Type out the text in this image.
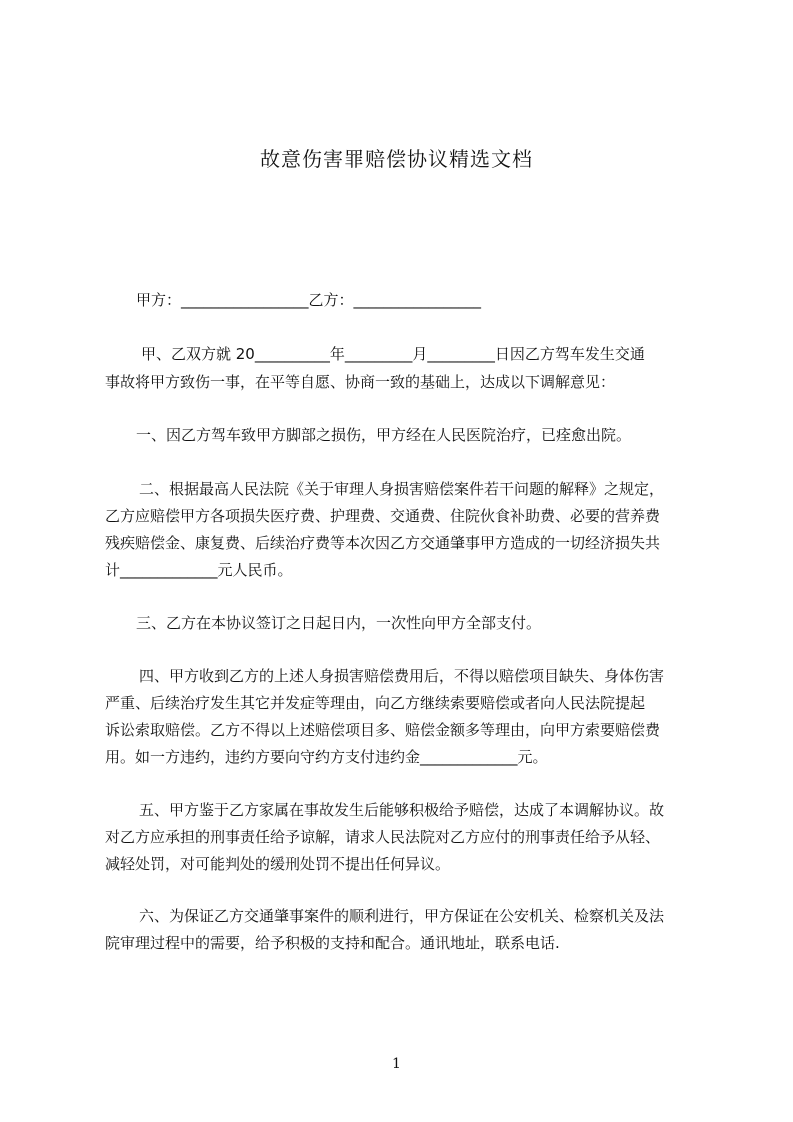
故意伤害罪赔偿协议精选文档
甲方：_________________乙方：_________________
甲、乙双方就 20__________年_________月_________日因乙方驾车发生交通
事故将甲方致伤一事，在平等自愿、协商一致的基础上，达成以下调解意见：
一、因乙方驾车致甲方脚部之损伤，甲方经在人民医院治疗，已痊愈出院。
二、根据最高人民法院《关于审理人身损害赔偿案件若干问题的解释》之规定，
乙方应赔偿甲方各项损失医疗费、护理费、交通费、住院伙食补助费、必要的营养费
残疾赔偿金、康复费、后续治疗费等本次因乙方交通肇事甲方造成的一切经济损失共
计_____________元人民币。
三、乙方在本协议签订之日起日内，一次性向甲方全部支付。
四、甲方收到乙方的上述人身损害赔偿费用后，不得以赔偿项目缺失、身体伤害
严重、后续治疗发生其它并发症等理由，向乙方继续索要赔偿或者向人民法院提起
诉讼索取赔偿。乙方不得以上述赔偿项目多、赔偿金额多等理由，向甲方索要赔偿费
用。如一方违约，违约方要向守约方支付违约金_____________元。
五、甲方鉴于乙方家属在事故发生后能够积极给予赔偿，达成了本调解协议。故
对乙方应承担的刑事责任给予谅解，请求人民法院对乙方应付的刑事责任给予从轻、
减轻处罚，对可能判处的缓刑处罚不提出任何异议。
六、为保证乙方交通肇事案件的顺利进行，甲方保证在公安机关、检察机关及法
院审理过程中的需要，给予积极的支持和配合。通讯地址，联系电话.
1
